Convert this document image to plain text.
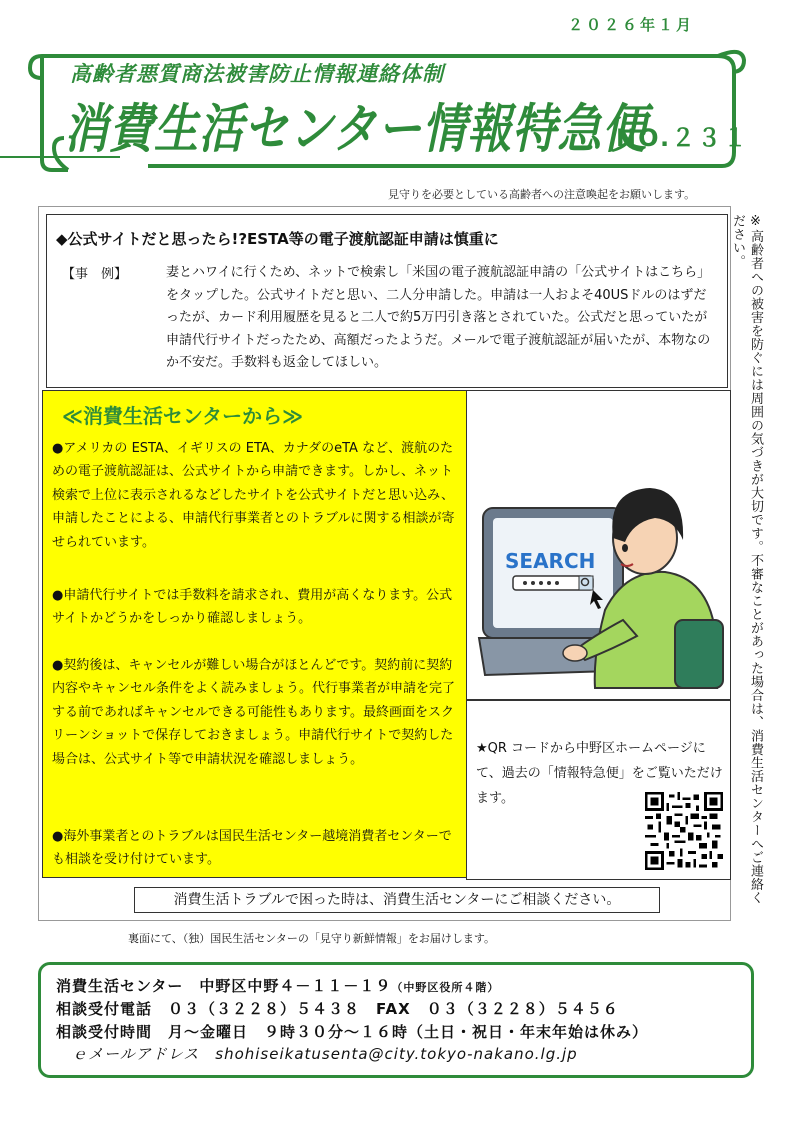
２０２６年１月
高齢者悪質商法被害防止情報連絡体制
消費生活センター情報特急便
NO.２３１
見守りを必要としている高齢者への注意喚起をお願いします。
◆公式サイトだと思ったら!?ESTA等の電子渡航認証申請は慎重に
【事　例】	妻とハワイに行くため、ネットで検索し「米国の電子渡航認証申請の「公式サイトはこちら」をタップした。公式サイトだと思い、二人分申請した。申請は一人およそ40USドルのはずだったが、カード利用履歴を見ると二人で約5万円引き落とされていた。公式だと思っていたが申請代行サイトだったため、高額だったようだ。メールで電子渡航認証が届いたが、本物なのか不安だ。手数料も返金してほしい。
≪消費生活センターから≫
●アメリカの ESTA、イギリスの ETA、カナダのeTA など、渡航のための電子渡航認証は、公式サイトから申請できます。しかし、ネット検索で上位に表示されるなどしたサイトを公式サイトだと思い込み、申請したことによる、申請代行事業者とのトラブルに関する相談が寄せられています。
●申請代行サイトでは手数料を請求され、費用が高くなります。公式サイトかどうかをしっかり確認しましょう。
●契約後は、キャンセルが難しい場合がほとんどです。契約前に契約内容やキャンセル条件をよく読みましょう。代行事業者が申請を完了する前であればキャンセルできる可能性もあります。最終画面をスクリーンショットで保存しておきましょう。申請代行サイトで契約した場合は、公式サイト等で申請状況を確認しましょう。
●海外事業者とのトラブルは国民生活センター越境消費者センターでも相談を受け付けています。
SEARCH
★QR コードから中野区ホームページにて、過去の「情報特急便」をご覧いただけます。
消費生活トラブルで困った時は、消費生活センターにご相談ください。
裏面にて、（独）国民生活センターの「見守り新鮮情報」をお届けします。
※高齢者への被害を防ぐには周囲の気づきが大切です。不審なことがあった場合は、消費生活センターへご連絡ください。
消費生活センター　中野区中野４－１１－１９（中野区役所４階）
相談受付電話　０３（３２２８）５４３８　FAX　０３（３２２８）５４５６
相談受付時間　月～金曜日　９時３０分～１６時（土日・祝日・年末年始は休み）
ｅメールアドレス　shohiseikatusenta@city.tokyo-nakano.lg.jp
